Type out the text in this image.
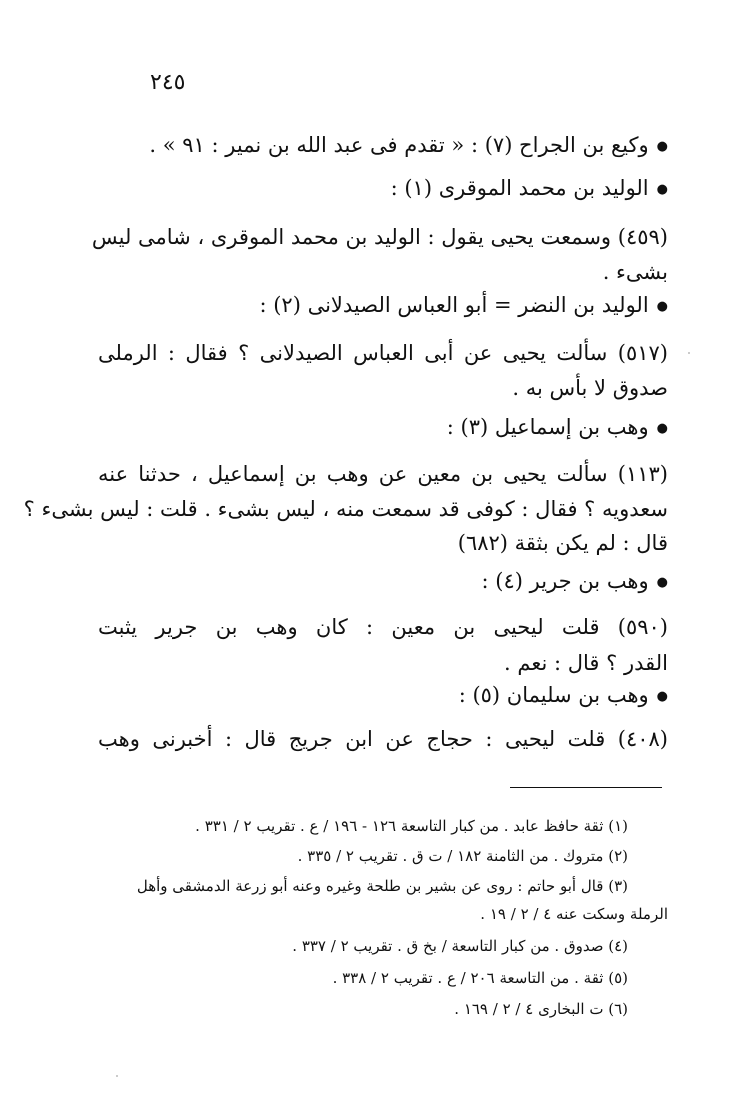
٢٤٥
● وكيع بن الجراح (٧) : « تقدم فى عبد الله بن نمير : ٩١ » .
● الوليد بن محمد الموقرى (١) :
(٤٥٩) وسمعت يحيى يقول : الوليد بن محمد الموقرى ، شامى ليس
بشىء .
● الوليد بن النضر = أبو العباس الصيدلانى (٢) :
(٥١٧) سألت يحيى عن أبى العباس الصيدلانى ؟ فقال : الرملى
صدوق لا بأس به .
● وهب بن إسماعيل (٣) :
(١١٣) سألت يحيى بن معين عن وهب بن إسماعيل ، حدثنا عنه
سعدويه ؟ فقال : كوفى قد سمعت منه ، ليس بشىء . قلت : ليس بشىء ؟
قال : لم يكن بثقة (٦٨٢)
● وهب بن جرير (٤) :
(٥٩٠) قلت ليحيى بن معين : كان وهب بن جرير يثبت
القدر ؟ قال : نعم .
● وهب بن سليمان (٥) :
(٤٠٨) قلت ليحيى : حجاج عن ابن جريج قال : أخبرنى وهب
(١) ثقة حافظ عابد . من كبار التاسعة ١٢٦ - ١٩٦ / ع . تقريب ٢ / ٣٣١ .
(٢) متروك . من الثامنة ١٨٢ / ت ق . تقريب ٢ / ٣٣٥ .
(٣) قال أبو حاتم : روى عن بشير بن طلحة وغيره وعنه أبو زرعة الدمشقى وأهل
الرملة وسكت عنه ٤ / ٢ / ١٩ .
(٤) صدوق . من كبار التاسعة / بخ ق . تقريب ٢ / ٣٣٧ .
(٥) ثقة . من التاسعة ٢٠٦ / ع . تقريب ٢ / ٣٣٨ .
(٦) ت البخارى ٤ / ٢ / ١٦٩ .
